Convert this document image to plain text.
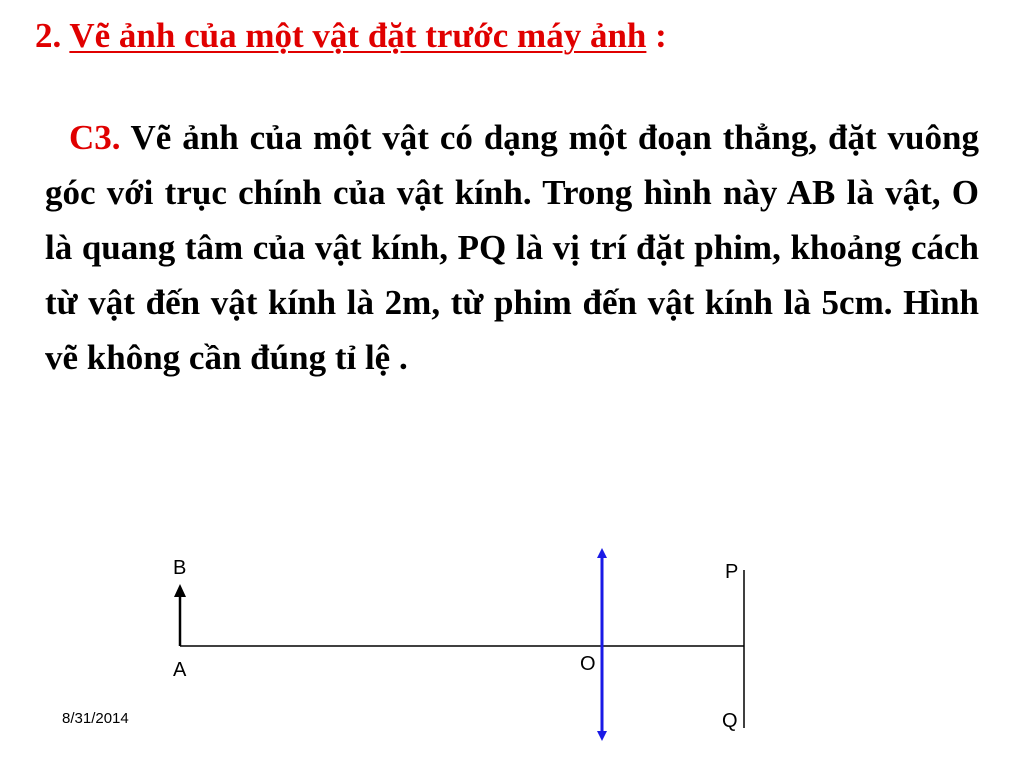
2. Vẽ ảnh của một vật đặt trước máy ảnh :
C3. Vẽ ảnh của một vật có dạng một đoạn thẳng, đặt vuông góc với trục chính của vật kính. Trong hình này AB là vật, O là quang tâm của vật kính, PQ là vị trí đặt phim, khoảng cách từ vật đến vật kính là 2m, từ phim đến vật kính là 5cm. Hình vẽ không cần đúng tỉ lệ .
B
A	O
P
Q
8/31/2014
